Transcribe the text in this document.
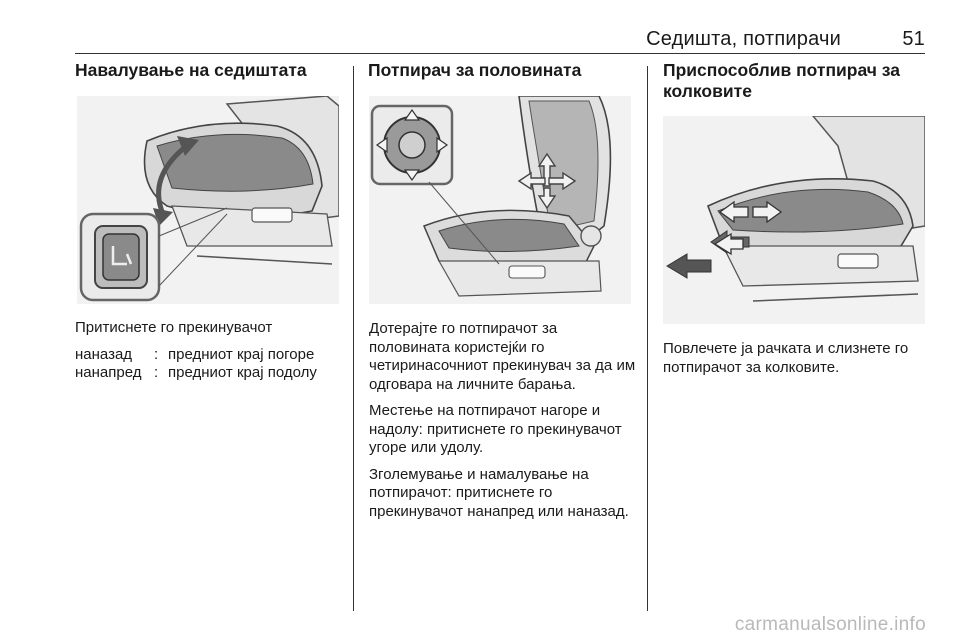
Седишта, потпирачи	51
Навалување на седиштата

Притиснете го прекинувачот

наназад	:	предниот крај погоре
нанапред	:	предниот крај подолу
Потпирач за половината

Дотерајте го потпирачот за половината користејќи го четиринасочниот прекинувач за да им одговара на личните барања.

Местење на потпирачот нагоре и надолу: притиснете го прекинувачот угоре или удолу.

Зголемување и намалување на потпирачот: притиснете го прекинувачот нанапред или наназад.

Приспособлив потпирач за колковите

Повлечете ја рачката и слизнете го потпирачот за колковите.

carmanualsonline.info
